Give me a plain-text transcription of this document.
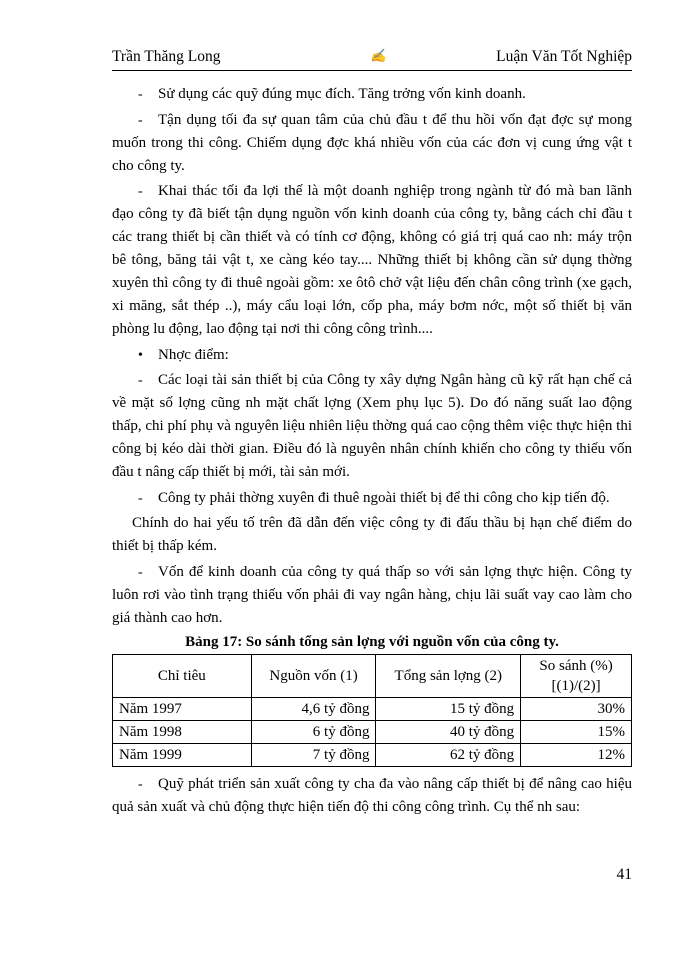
Trần Thăng Long	✍	Luận Văn Tốt Nghiệp

- Sử dụng các quỹ đúng mục đích. Tăng trởng vốn kinh doanh.

- Tận dụng tối đa sự quan tâm của chủ đầu t để thu hồi vốn đạt đợc sự mong muốn trong thi công. Chiếm dụng đợc khá nhiều vốn của các đơn vị cung ứng vật t cho công ty.

- Khai thác tối đa lợi thế là một doanh nghiệp trong ngành từ đó mà ban lãnh đạo công ty đã biết tận dụng nguồn vốn kinh doanh của công ty, bằng cách chỉ đầu t các trang thiết bị cần thiết và có tính cơ động, không có giá trị quá cao nh: máy trộn bê tông, băng tải vật t, xe càng kéo tay.... Những thiết bị không cần sử dụng thờng xuyên thì công ty đi thuê ngoài gồm: xe ôtô chở vật liệu đến chân công trình (xe gạch, xi măng, sắt thép ..), máy cẩu loại lớn, cốp pha, máy bơm nớc, một số thiết bị văn phòng lu động, lao động tại nơi thi công công trình....

• Nhợc điểm:

- Các loại tài sản thiết bị của Công ty xây dựng Ngân hàng cũ kỹ rất hạn chế cả về mặt số lợng cũng nh mặt chất lợng (Xem phụ lục 5). Do đó năng suất lao động thấp, chi phí phụ và nguyên liệu nhiên liệu thờng quá cao cộng thêm việc thực hiện thi công bị kéo dài thời gian. Điều đó là nguyên nhân chính khiến cho công ty thiếu vốn đầu t nâng cấp thiết bị mới, tài sản mới.

- Công ty phải thờng xuyên đi thuê ngoài thiết bị để thi công cho kịp tiến độ.

Chính do hai yếu tố trên đã dẫn đến việc công ty đi đấu thầu bị hạn chế điểm do thiết bị thấp kém.

- Vốn để kinh doanh của công ty quá thấp so với sản lợng thực hiện. Công ty luôn rơi vào tình trạng thiếu vốn phải đi vay ngân hàng, chịu lãi suất vay cao làm cho giá thành cao hơn.

Bảng 17: So sánh tổng sản lợng với nguồn vốn của công ty.
Chỉ tiêu	Nguồn vốn (1)	Tổng sản lợng (2)	So sánh (%)
[(1)/(2)]
Năm 1997	4,6 tỷ đồng	15 tỷ đồng	30%
Năm 1998	6 tỷ đồng	40 tỷ đồng	15%
Năm 1999	7 tỷ đồng	62 tỷ đồng	12%

- Quỹ phát triển sản xuất công ty cha đa vào nâng cấp thiết bị để nâng cao hiệu quả sản xuất và chủ động thực hiện tiến độ thi công công trình. Cụ thể nh sau:

41
